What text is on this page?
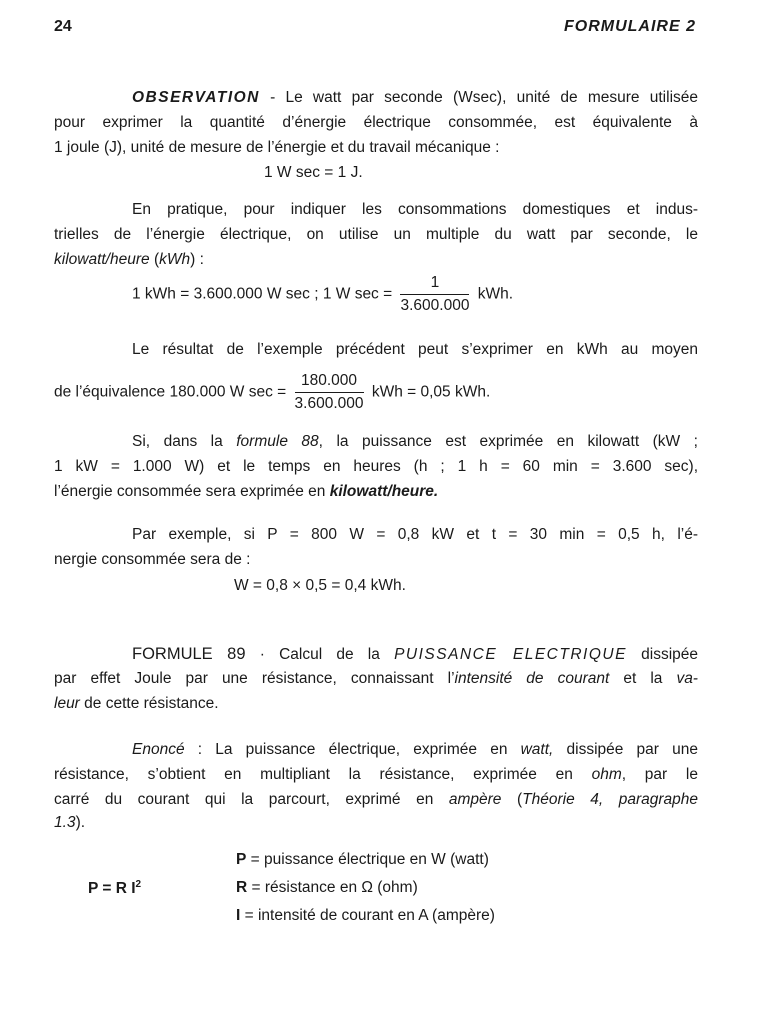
24	FORMULAIRE 2
OBSERVATION - Le watt par seconde (Wsec), unité de mesure utilisée
pour exprimer la quantité d’énergie électrique consommée, est équivalente à
1 joule (J), unité de mesure de l’énergie et du travail mécanique :
1 W sec = 1 J.
En pratique, pour indiquer les consommations domestiques et indus-
trielles de l’énergie électrique, on utilise un multiple du watt par seconde, le
kilowatt/heure (kWh) :
1 kWh = 3.600.000 W sec ; 1 W $\sec = \frac{1}{3.600.000}$ kWh.
Le résultat de l’exemple précédent peut s’exprimer en kWh au moyen
de l’équivalence 180.000 W $\sec = \frac{180.000}{3.600.000}$ kWh = 0,05 kWh.
Si, dans la formule 88, la puissance est exprimée en kilowatt (kW ;
1 kW = 1.000 W) et le temps en heures (h ; 1 h = 60 min = 3.600 sec),
l’énergie consommée sera exprimée en kilowatt/heure.
Par exemple, si P = 800 W = 0,8 kW et t = 30 min = 0,5 h, l’é-
nergie consommée sera de :
W = 0,8 × 0,5 = 0,4 kWh.
FORMULE 89 · Calcul de la PUISSANCE ELECTRIQUE dissipée
par effet Joule par une résistance, connaissant l’intensité de courant et la va-
leur de cette résistance.
Enoncé : La puissance électrique, exprimée en watt, dissipée par une
résistance, s’obtient en multipliant la résistance, exprimée en ohm, par le
carré du courant qui la parcourt, exprimé en ampère (Théorie 4, paragraphe
1.3).
P = R $I^2$
P = puissance électrique en W (watt)
R = résistance en Ω (ohm)
I = intensité de courant en A (ampère)
